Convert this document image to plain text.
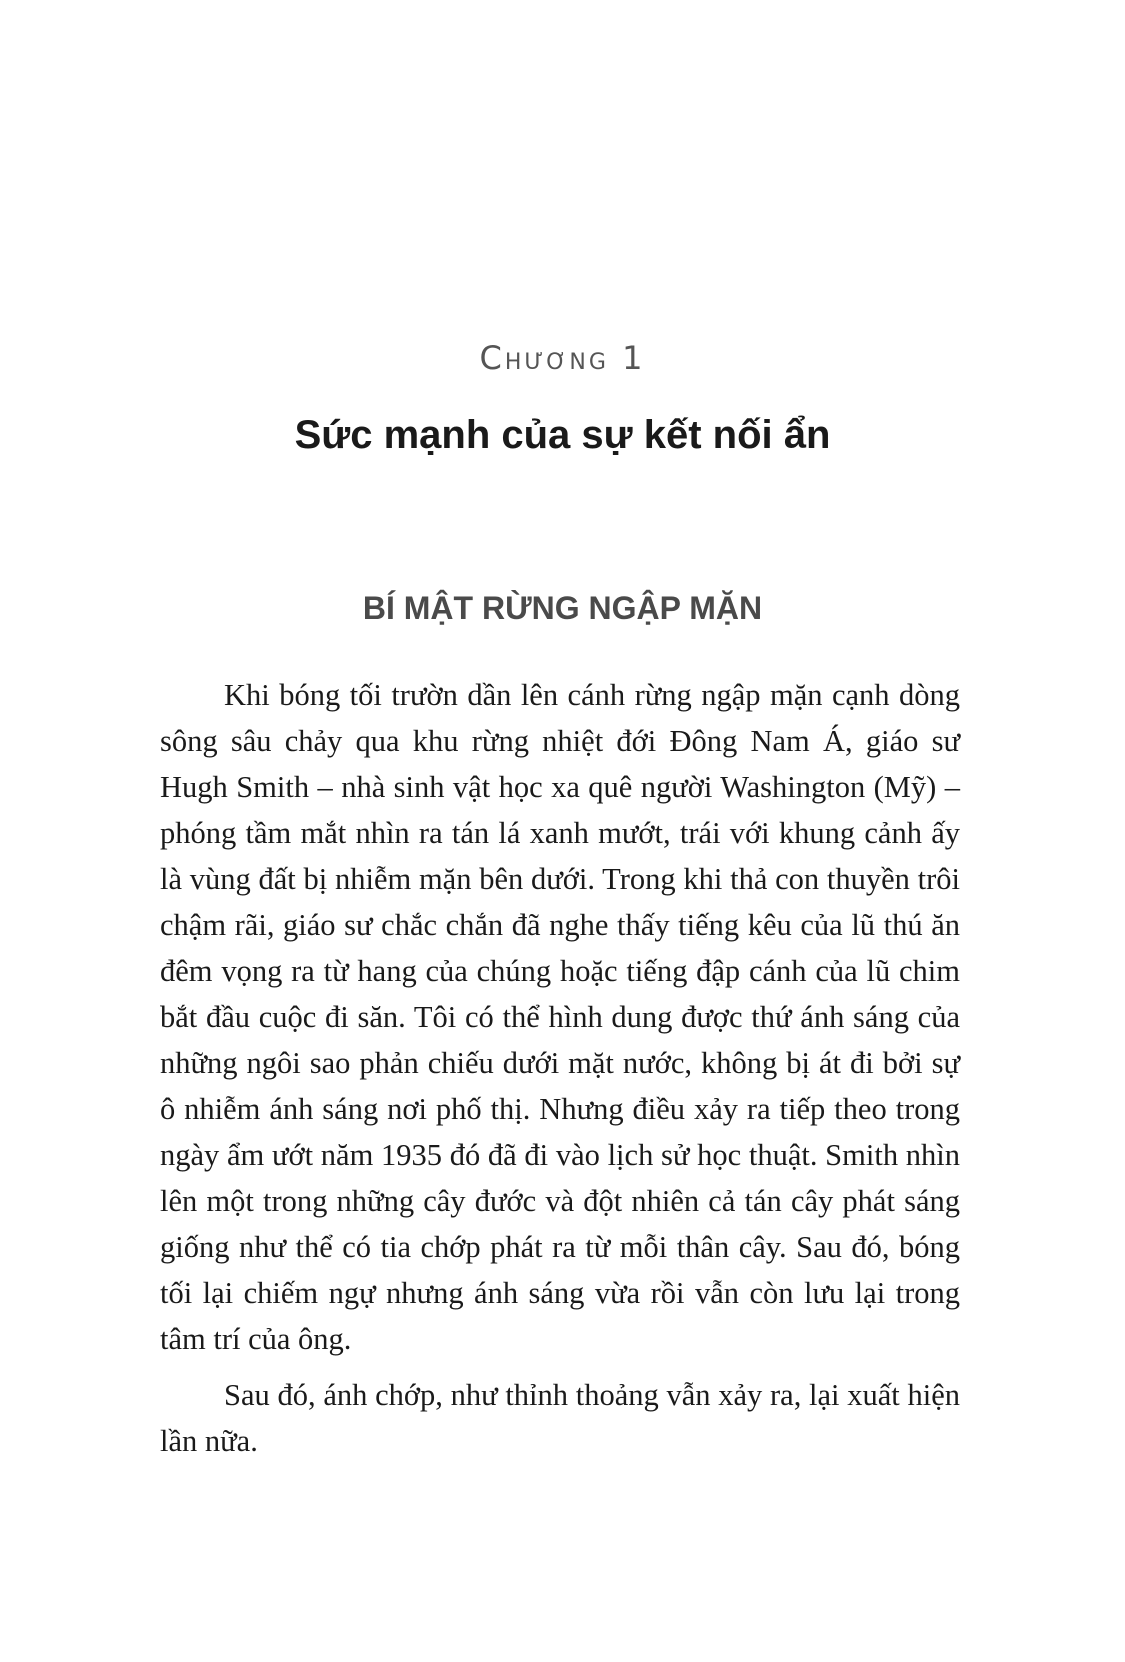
Chương 1
Sức mạnh của sự kết nối ẩn
BÍ MẬT RỪNG NGẬP MẶN

Khi bóng tối trườn dần lên cánh rừng ngập mặn cạnh dòng sông sâu chảy qua khu rừng nhiệt đới Đông Nam Á, giáo sư Hugh Smith – nhà sinh vật học xa quê người Washington (Mỹ) – phóng tầm mắt nhìn ra tán lá xanh mướt, trái với khung cảnh ấy là vùng đất bị nhiễm mặn bên dưới. Trong khi thả con thuyền trôi chậm rãi, giáo sư chắc chắn đã nghe thấy tiếng kêu của lũ thú ăn đêm vọng ra từ hang của chúng hoặc tiếng đập cánh của lũ chim bắt đầu cuộc đi săn. Tôi có thể hình dung được thứ ánh sáng của những ngôi sao phản chiếu dưới mặt nước, không bị át đi bởi sự ô nhiễm ánh sáng nơi phố thị. Nhưng điều xảy ra tiếp theo trong ngày ẩm ướt năm 1935 đó đã đi vào lịch sử học thuật. Smith nhìn lên một trong những cây đước và đột nhiên cả tán cây phát sáng giống như thể có tia chớp phát ra từ mỗi thân cây. Sau đó, bóng tối lại chiếm ngự nhưng ánh sáng vừa rồi vẫn còn lưu lại trong tâm trí của ông.

Sau đó, ánh chớp, như thỉnh thoảng vẫn xảy ra, lại xuất hiện lần nữa.
